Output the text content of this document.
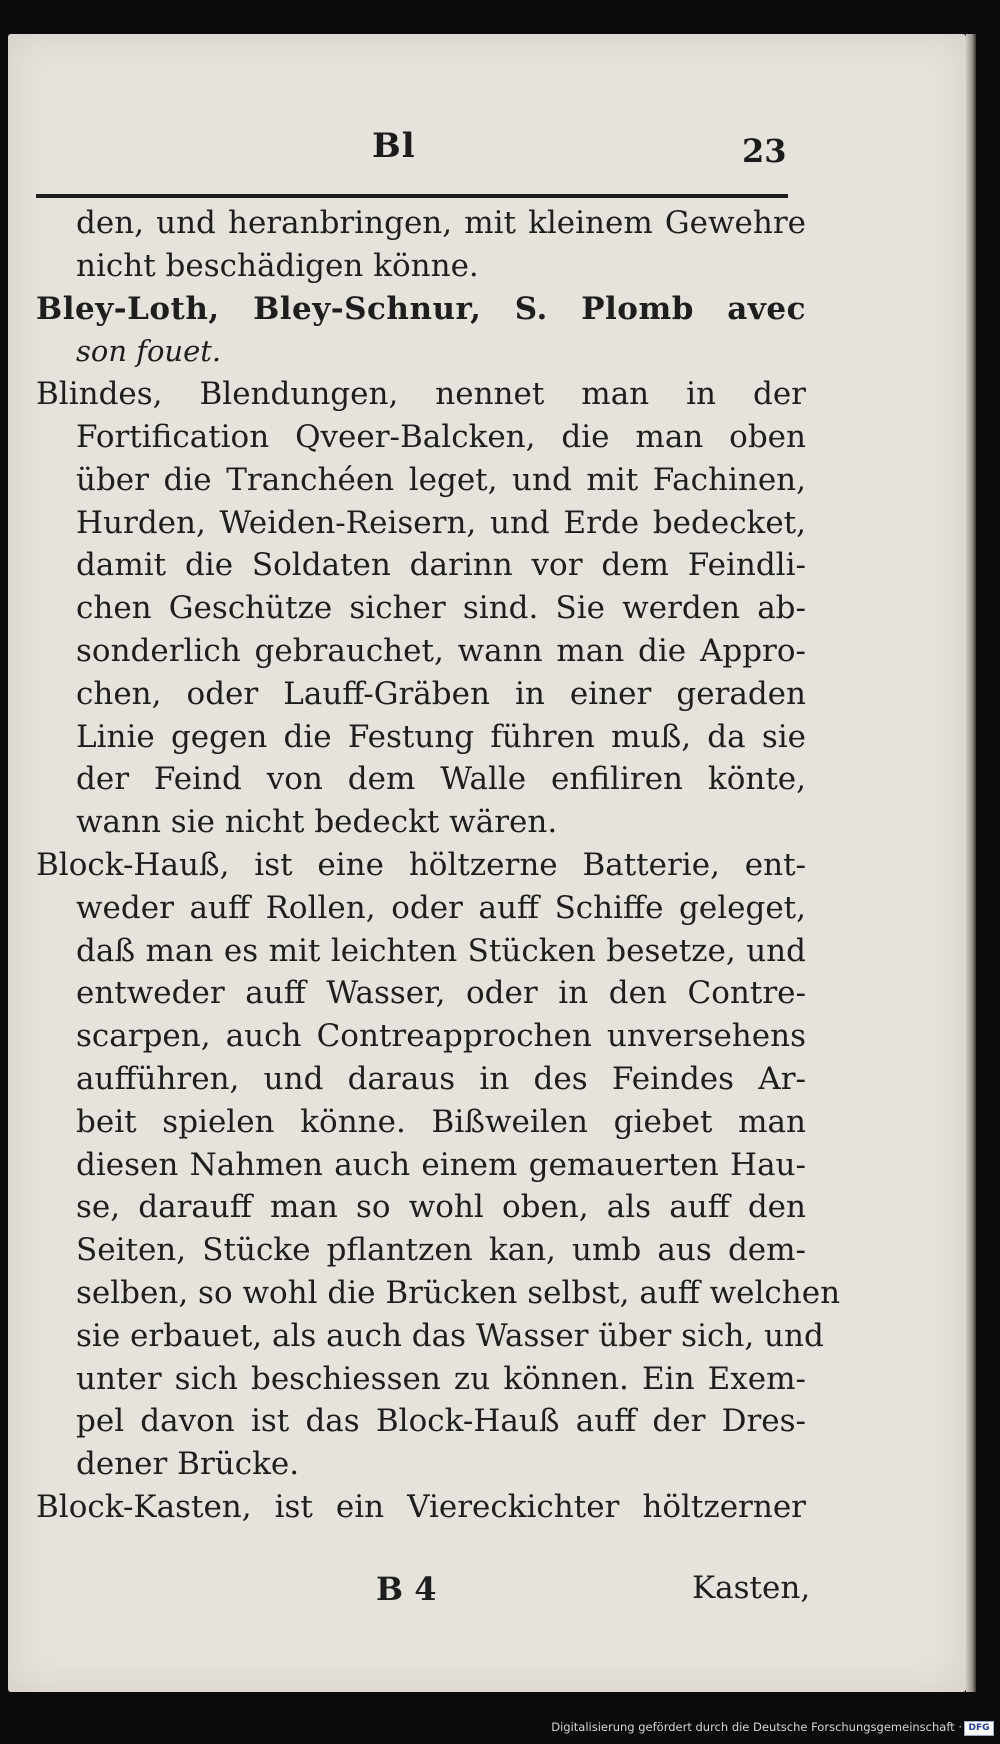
Bl	23
den, und heranbringen, mit kleinem Gewehre
nicht beschädigen könne.
Bley-Loth, Bley-Schnur, S. Plomb avec
son fouet.
Blindes, Blendungen, nennet man in der
Fortification Qveer-Balcken, die man oben
über die Tranchéen leget, und mit Fachinen,
Hurden, Weiden-Reisern, und Erde bedecket,
damit die Soldaten darinn vor dem Feindli-
chen Geschütze sicher sind. Sie werden ab-
sonderlich gebrauchet, wann man die Appro-
chen, oder Lauff-Gräben in einer geraden
Linie gegen die Festung führen muß, da sie
der Feind von dem Walle enfiliren könte,
wann sie nicht bedeckt wären.
Block-Hauß, ist eine höltzerne Batterie, ent-
weder auff Rollen, oder auff Schiffe geleget,
daß man es mit leichten Stücken besetze, und
entweder auff Wasser, oder in den Contre-
scarpen, auch Contreapprochen unversehens
aufführen, und daraus in des Feindes Ar-
beit spielen könne. Bißweilen giebet man
diesen Nahmen auch einem gemauerten Hau-
se, darauff man so wohl oben, als auff den
Seiten, Stücke pflantzen kan, umb aus dem-
selben, so wohl die Brücken selbst, auff welchen
sie erbauet, als auch das Wasser über sich, und
unter sich beschiessen zu können. Ein Exem-
pel davon ist das Block-Hauß auff der Dres-
dener Brücke.
Block-Kasten, ist ein Viereckichter höltzerner
B 4	Kasten,
Digitalisierung gefördert durch die Deutsche Forschungsgemeinschaft · DFG
